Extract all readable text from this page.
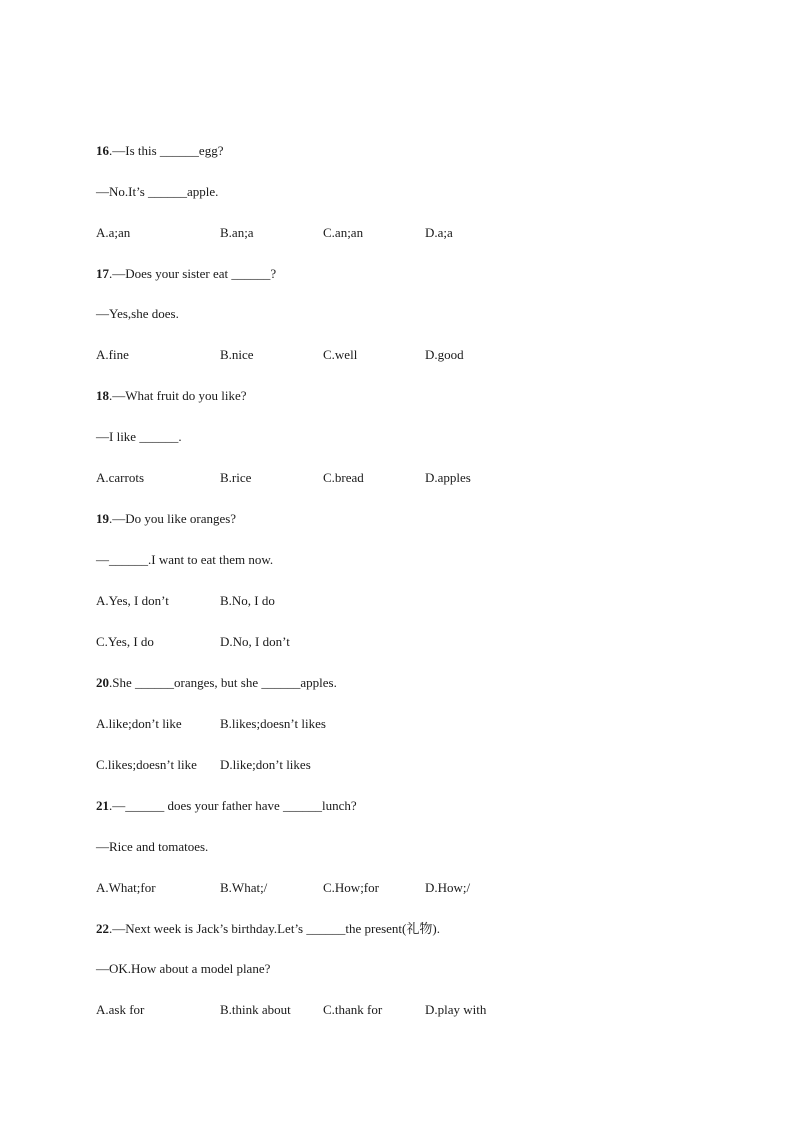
16.—Is this ______egg?
—No.It’s ______apple.

A.a;an

	B.an;a

	C.an;an

	D.a;a

17.—Does your sister eat ______?
—Yes,she does.

A.fine

	B.nice

	C.well

	D.good

18.—What fruit do you like?
—I like ______.

A.carrots

	B.rice

	C.bread

	D.apples

19.—Do you like oranges?
—______.I want to eat them now.

A.Yes, I don’t

	B.No, I do

C.Yes, I do

	D.No, I don’t

20.She ______oranges, but she ______apples.

A.like;don’t like

	B.likes;doesn’t likes

C.likes;doesn’t like

D.like;don’t likes

21.—______ does your father have ______lunch?
—Rice and tomatoes.

A.What;for

	B.What;/

	C.How;for

	D.How;/

22.—Next week is Jack’s birthday.Let’s ______the present(礼物).
—OK.How about a model plane?

A.ask for

	B.think about

C.thank for

	D.play with
